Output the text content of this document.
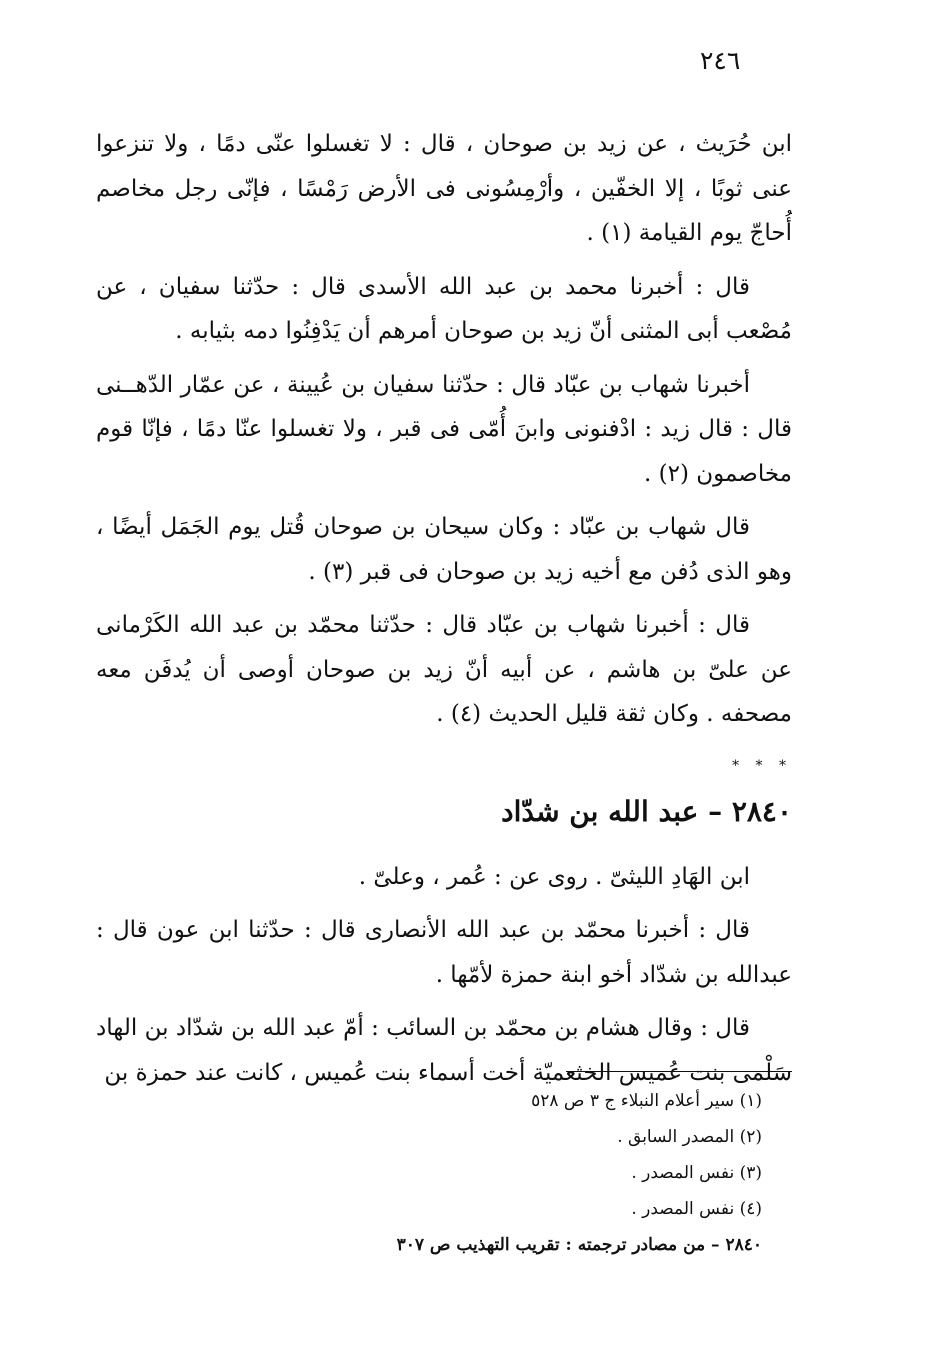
٢٤٦

ابن حُرَيث ، عن زيد بن صوحان ، قال : لا تغسلوا عنّى دمًا ، ولا تنزعوا عنى ثوبًا ، إلا الخفّين ، وأرْمِسُونى فى الأرض رَمْسًا ، فإنّى رجل مخاصم أُحاجّ يوم القيامة (١) .

قال : أخبرنا محمد بن عبد الله الأسدى قال : حدّثنا سفيان ، عن مُصْعب أبى المثنى أنّ زيد بن صوحان أمرهم أن يَدْفِنُوا دمه بثيابه .

أخبرنا شهاب بن عبّاد قال : حدّثنا سفيان بن عُيينة ، عن عمّار الدّهــنى قال : قال زيد : ادْفنونى وابنَ أُمّى فى قبر ، ولا تغسلوا عنّا دمًا ، فإنّا قوم مخاصمون (٢) .

قال شهاب بن عبّاد : وكان سيحان بن صوحان قُتل يوم الجَمَل أيضًا ، وهو الذى دُفن مع أخيه زيد بن صوحان فى قبر (٣) .

قال : أخبرنا شهاب بن عبّاد قال : حدّثنا محمّد بن عبد الله الكَرْمانى عن علىّ بن هاشم ، عن أبيه أنّ زيد بن صوحان أوصى أن يُدفَن معه مصحفه . وكان ثقة قليل الحديث (٤) .

* * *
٢٨٤٠ – عبد الله بن شدّاد

ابن الهَادِ الليثىّ . روى عن : عُمر ، وعلىّ .

قال : أخبرنا محمّد بن عبد الله الأنصارى قال : حدّثنا ابن عون قال : عبدالله بن شدّاد أخو ابنة حمزة لأمّها .

قال : وقال هشام بن محمّد بن السائب : أمّ عبد الله بن شدّاد بن الهاد سَلْمى بنت عُميس الخثعميّة أخت أسماء بنت عُميس ، كانت عند حمزة بن

(١) سير أعلام النبلاء ج ٣ ص ٥٢٨

(٢) المصدر السابق .

(٣) نفس المصدر .

(٤) نفس المصدر .

٢٨٤٠ – من مصادر ترجمته : تقريب التهذيب ص ٣٠٧
